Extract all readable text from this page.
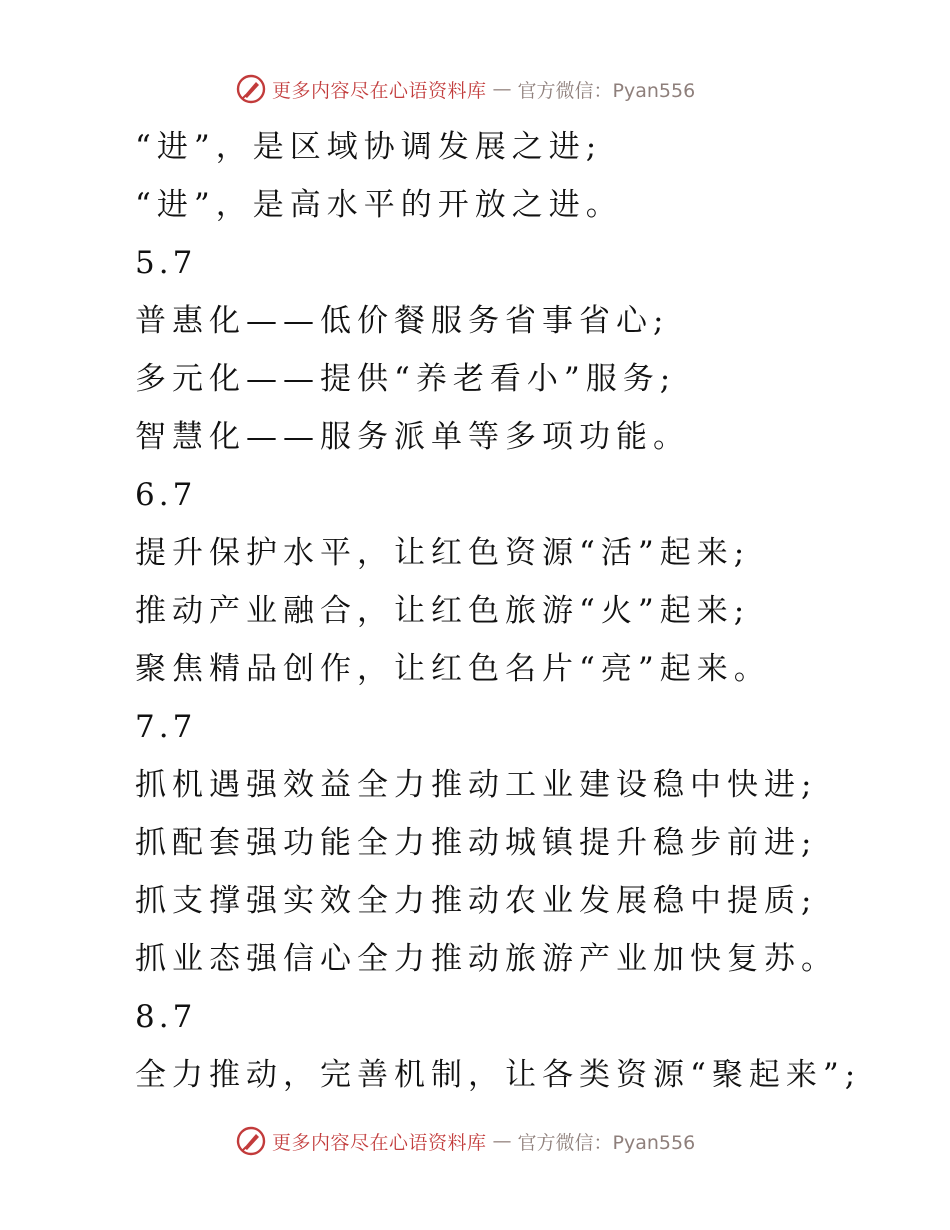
更多内容尽在心语资料库 — 官方微信：Pyan556
“进”，是区域协调发展之进;
“进”，是高水平的开放之进。
5.7
普惠化——低价餐服务省事省心;
多元化——提供“养老看小”服务;
智慧化——服务派单等多项功能。
6.7
提升保护水平，让红色资源“活”起来;
推动产业融合，让红色旅游“火”起来;
聚焦精品创作，让红色名片“亮”起来。
7.7
抓机遇强效益全力推动工业建设稳中快进;
抓配套强功能全力推动城镇提升稳步前进;
抓支撑强实效全力推动农业发展稳中提质;
抓业态强信心全力推动旅游产业加快复苏。
8.7
全力推动，完善机制，让各类资源“聚起来”;
更多内容尽在心语资料库 — 官方微信：Pyan556
